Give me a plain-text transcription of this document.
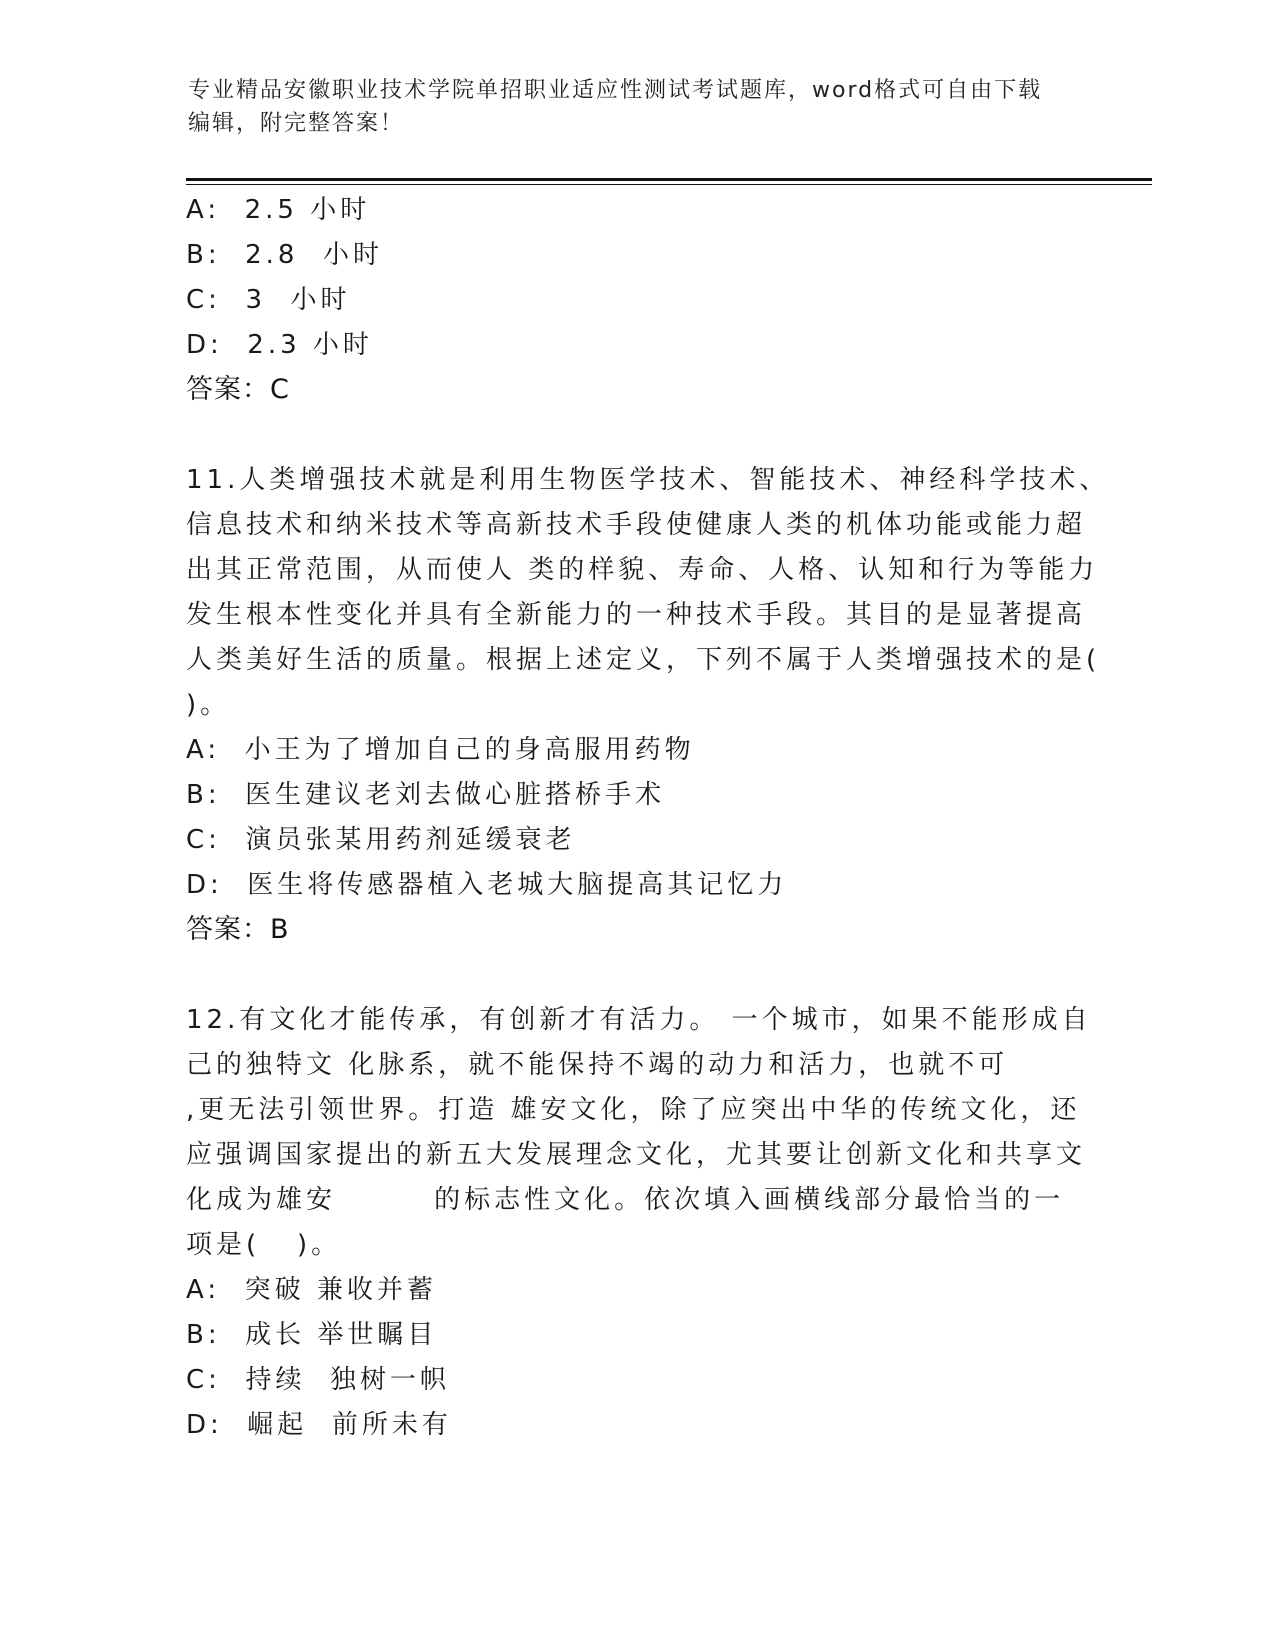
专业精品安徽职业技术学院单招职业适应性测试考试题库，word格式可自由下载
编辑，附完整答案！
A:  2.5 小时
B:  2.8  小时
C:  3  小时
D:  2.3 小时
答案：C
11.人类增强技术就是利用生物医学技术、智能技术、神经科学技术、
信息技术和纳米技术等高新技术手段使健康人类的机体功能或能力超
出其正常范围，从而使人 类的样貌、寿命、人格、认知和行为等能力
发生根本性变化并具有全新能力的一种技术手段。其目的是显著提高
人类美好生活的质量。根据上述定义，下列不属于人类增强技术的是(
)。
A:  小王为了增加自己的身高服用药物
B:  医生建议老刘去做心脏搭桥手术
C:  演员张某用药剂延缓衰老
D:  医生将传感器植入老城大脑提高其记忆力
答案：B
12.有文化才能传承，有创新才有活力。 一个城市，如果不能形成自
己的独特文 化脉系，就不能保持不竭的动力和活力，也就不可
,更无法引领世界。打造 雄安文化，除了应突出中华的传统文化，还
应强调国家提出的新五大发展理念文化，尤其要让创新文化和共享文
化成为雄安        的标志性文化。依次填入画横线部分最恰当的一
项是(   )。
A:  突破 兼收并蓄
B:  成长 举世瞩目
C:  持续  独树一帜
D:  崛起  前所未有
